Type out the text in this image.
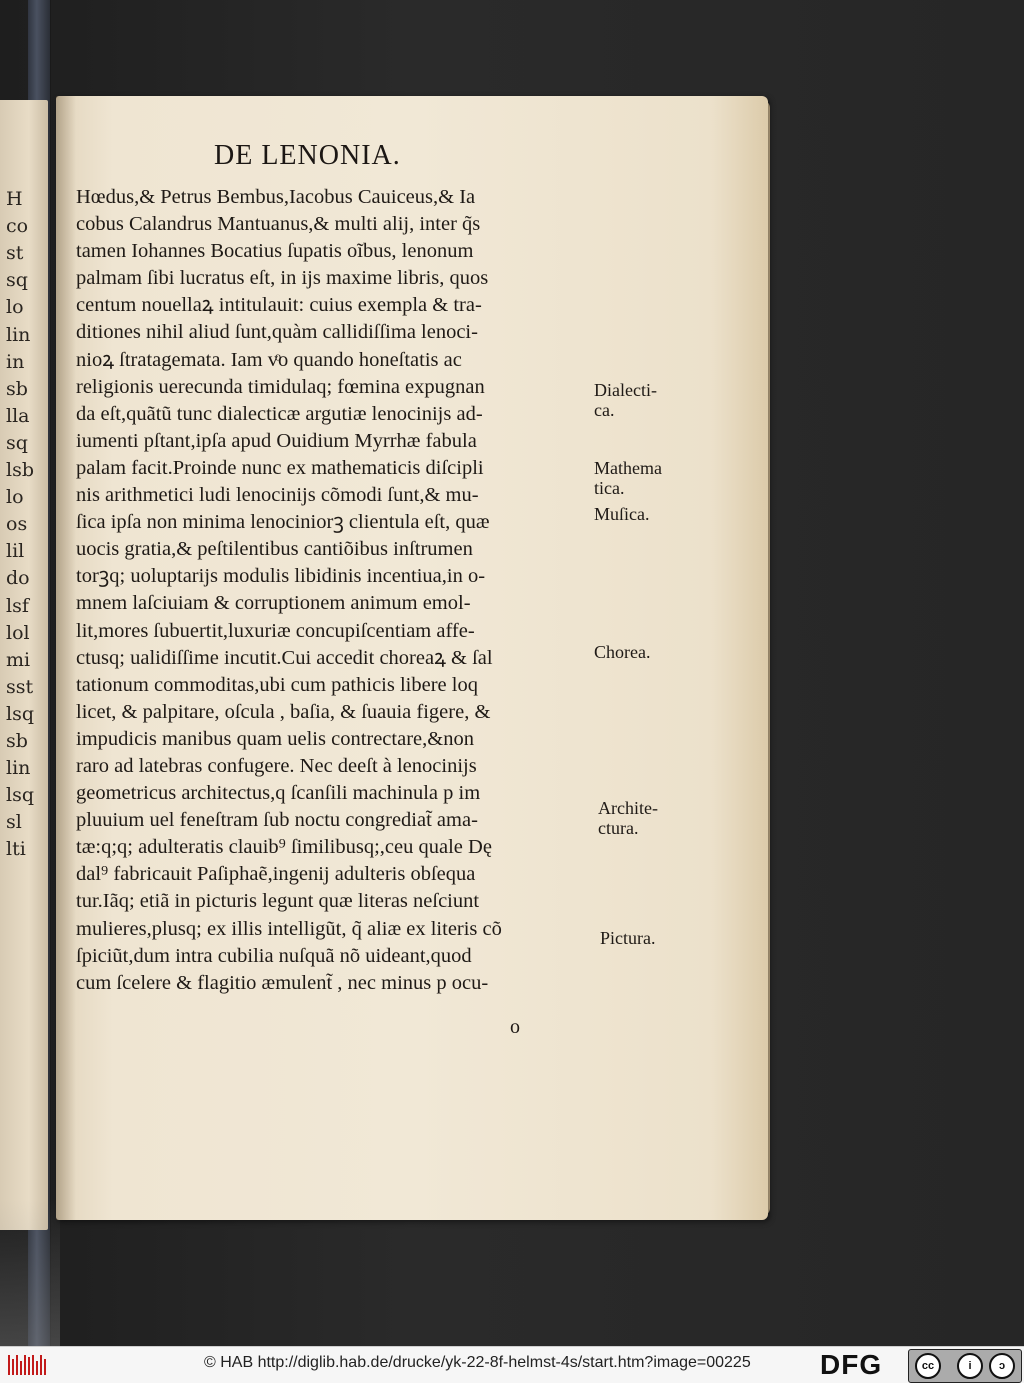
H
co
st
sq
lo
lin
in
sb
lla
sq
lsb
lo
os
lil
do
lsf
lol
mi
sst
lsq
sb
lin
lsq
sl
lti
DE LENONIA.
Hœdus,& Petrus Bembus,Iacobus Cauiceus,& Ia
cobus Calandrus Mantuanus,& multi alij, inter q̃s
tamen Iohannes Bocatius ſupatis oĩbus, lenonum
palmam ſibi lucratus eſt, in ijs maxime libris, quos
centum nouellaꝝ intitulauit: cuius exempla & tra-
ditiones nihil aliud ſunt,quàm callidiſſima lenoci-
nioꝝ ſtratagemata. Iam vͦo quando honeſtatis ac
religionis uerecunda timidulaq; fœmina expugnan
da eſt,quãtũ tunc dialecticæ argutiæ lenocinijs ad-
iumenti pſtant,ipſa apud Ouidium Myrrhæ fabula
palam facit.Proinde nunc ex mathematicis diſcipli
nis arithmetici ludi lenocinijs cõmodi ſunt,& mu-
ſica ipſa non minima lenociniorꝫ clientula eſt, quæ
uocis gratia,& peſtilentibus cantiõibus inſtrumen
torꝫq; uoluptarijs modulis libidinis incentiua,in o-
mnem laſciuiam & corruptionem animum emol-
lit,mores ſubuertit,luxuriæ concupiſcentiam affe-
ctusq; ualidiſſime incutit.Cui accedit choreaꝝ & ſal
tationum commoditas,ubi cum pathicis libere loq
licet, & palpitare, oſcula , baſia, & ſuauia figere, &
impudicis manibus quam uelis contrectare,&non
raro ad latebras confugere. Nec deeſt à lenocinijs
geometricus architectus,q ſcanſili machinula p im
pluuium uel feneſtram ſub noctu congrediat̃ ama-
tæ:q;q; adulteratis clauib⁹ ſimilibusq;,ceu quale Dę
dal⁹ fabricauit Paſiphaẽ,ingenij adulteris obſequa
tur.Iãq; etiã in picturis legunt quæ literas neſciunt
mulieres,plusq; ex illis intelligũt, q̃ aliæ ex literis cõ
ſpiciũt,dum intra cubilia nuſquã nõ uideant,quod
cum ſcelere & flagitio æmulent̃ , nec minus p ocu-
Dialecti-
ca.
Mathema
tica.
Muſica.
Chorea.
Archite-
ctura.
Pictura.
o
© HAB http://diglib.hab.de/drucke/yk-22-8f-helmst-4s/start.htm?image=00225 DFG	cc	i	ↄ
